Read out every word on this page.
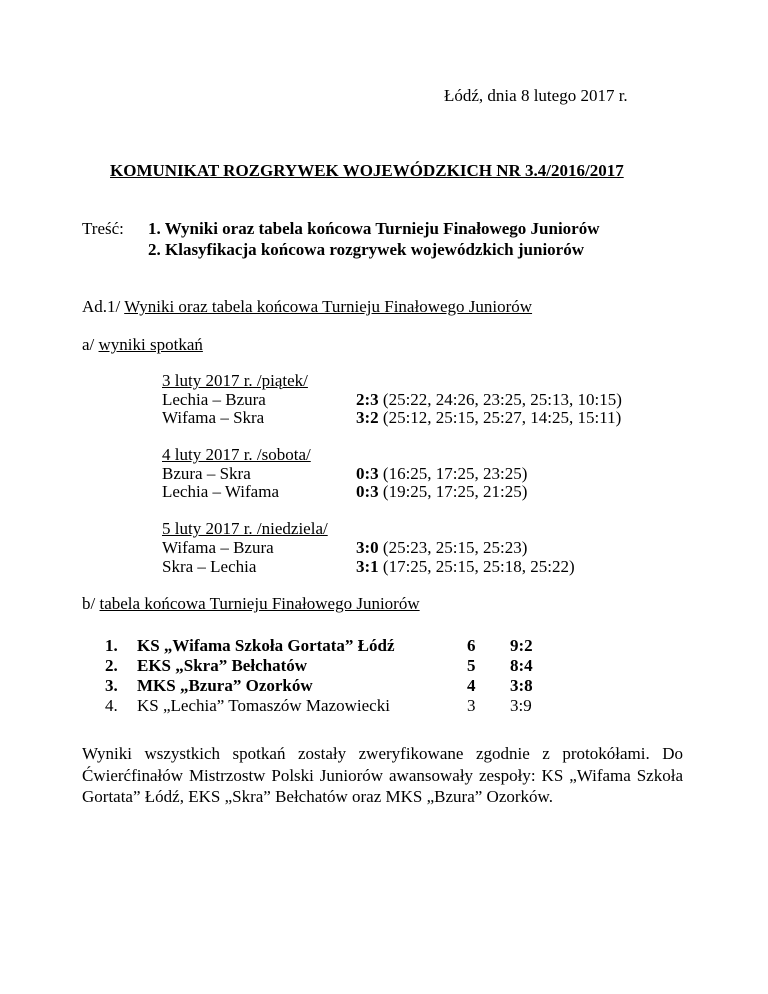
Łódź, dnia 8 lutego 2017 r.
KOMUNIKAT ROZGRYWEK WOJEWÓDZKICH NR 3.4/2016/2017
Treść: 1. Wyniki oraz tabela końcowa Turnieju Finałowego Juniorów
2. Klasyfikacja końcowa rozgrywek wojewódzkich juniorów
Ad.1/ Wyniki oraz tabela końcowa Turnieju Finałowego Juniorów
a/ wyniki spotkań
3 luty 2017 r. /piątek/
Lechia – Bzura	2:3 (25:22, 24:26, 23:25, 25:13, 10:15)
Wifama – Skra	3:2 (25:12, 25:15, 25:27, 14:25, 15:11)
4 luty 2017 r. /sobota/
Bzura – Skra	0:3 (16:25, 17:25, 23:25)
Lechia – Wifama	0:3 (19:25, 17:25, 21:25)
5 luty 2017 r. /niedziela/
Wifama – Bzura	3:0 (25:23, 25:15, 25:23)
Skra – Lechia	3:1 (17:25, 25:15, 25:18, 25:22)
b/ tabela końcowa Turnieju Finałowego Juniorów
1. KS „Wifama Szkoła Gortata” Łódź	6 9:2
2. EKS „Skra” Bełchatów	5 8:4
3. MKS „Bzura” Ozorków	4 3:8
4. KS „Lechia” Tomaszów Mazowiecki	3 3:9
Wyniki wszystkich spotkań zostały zweryfikowane zgodnie z protokółami. Do Ćwierćfinałów Mistrzostw Polski Juniorów awansowały zespoły: KS „Wifama Szkoła Gortata” Łódź, EKS „Skra” Bełchatów oraz MKS „Bzura” Ozorków.
